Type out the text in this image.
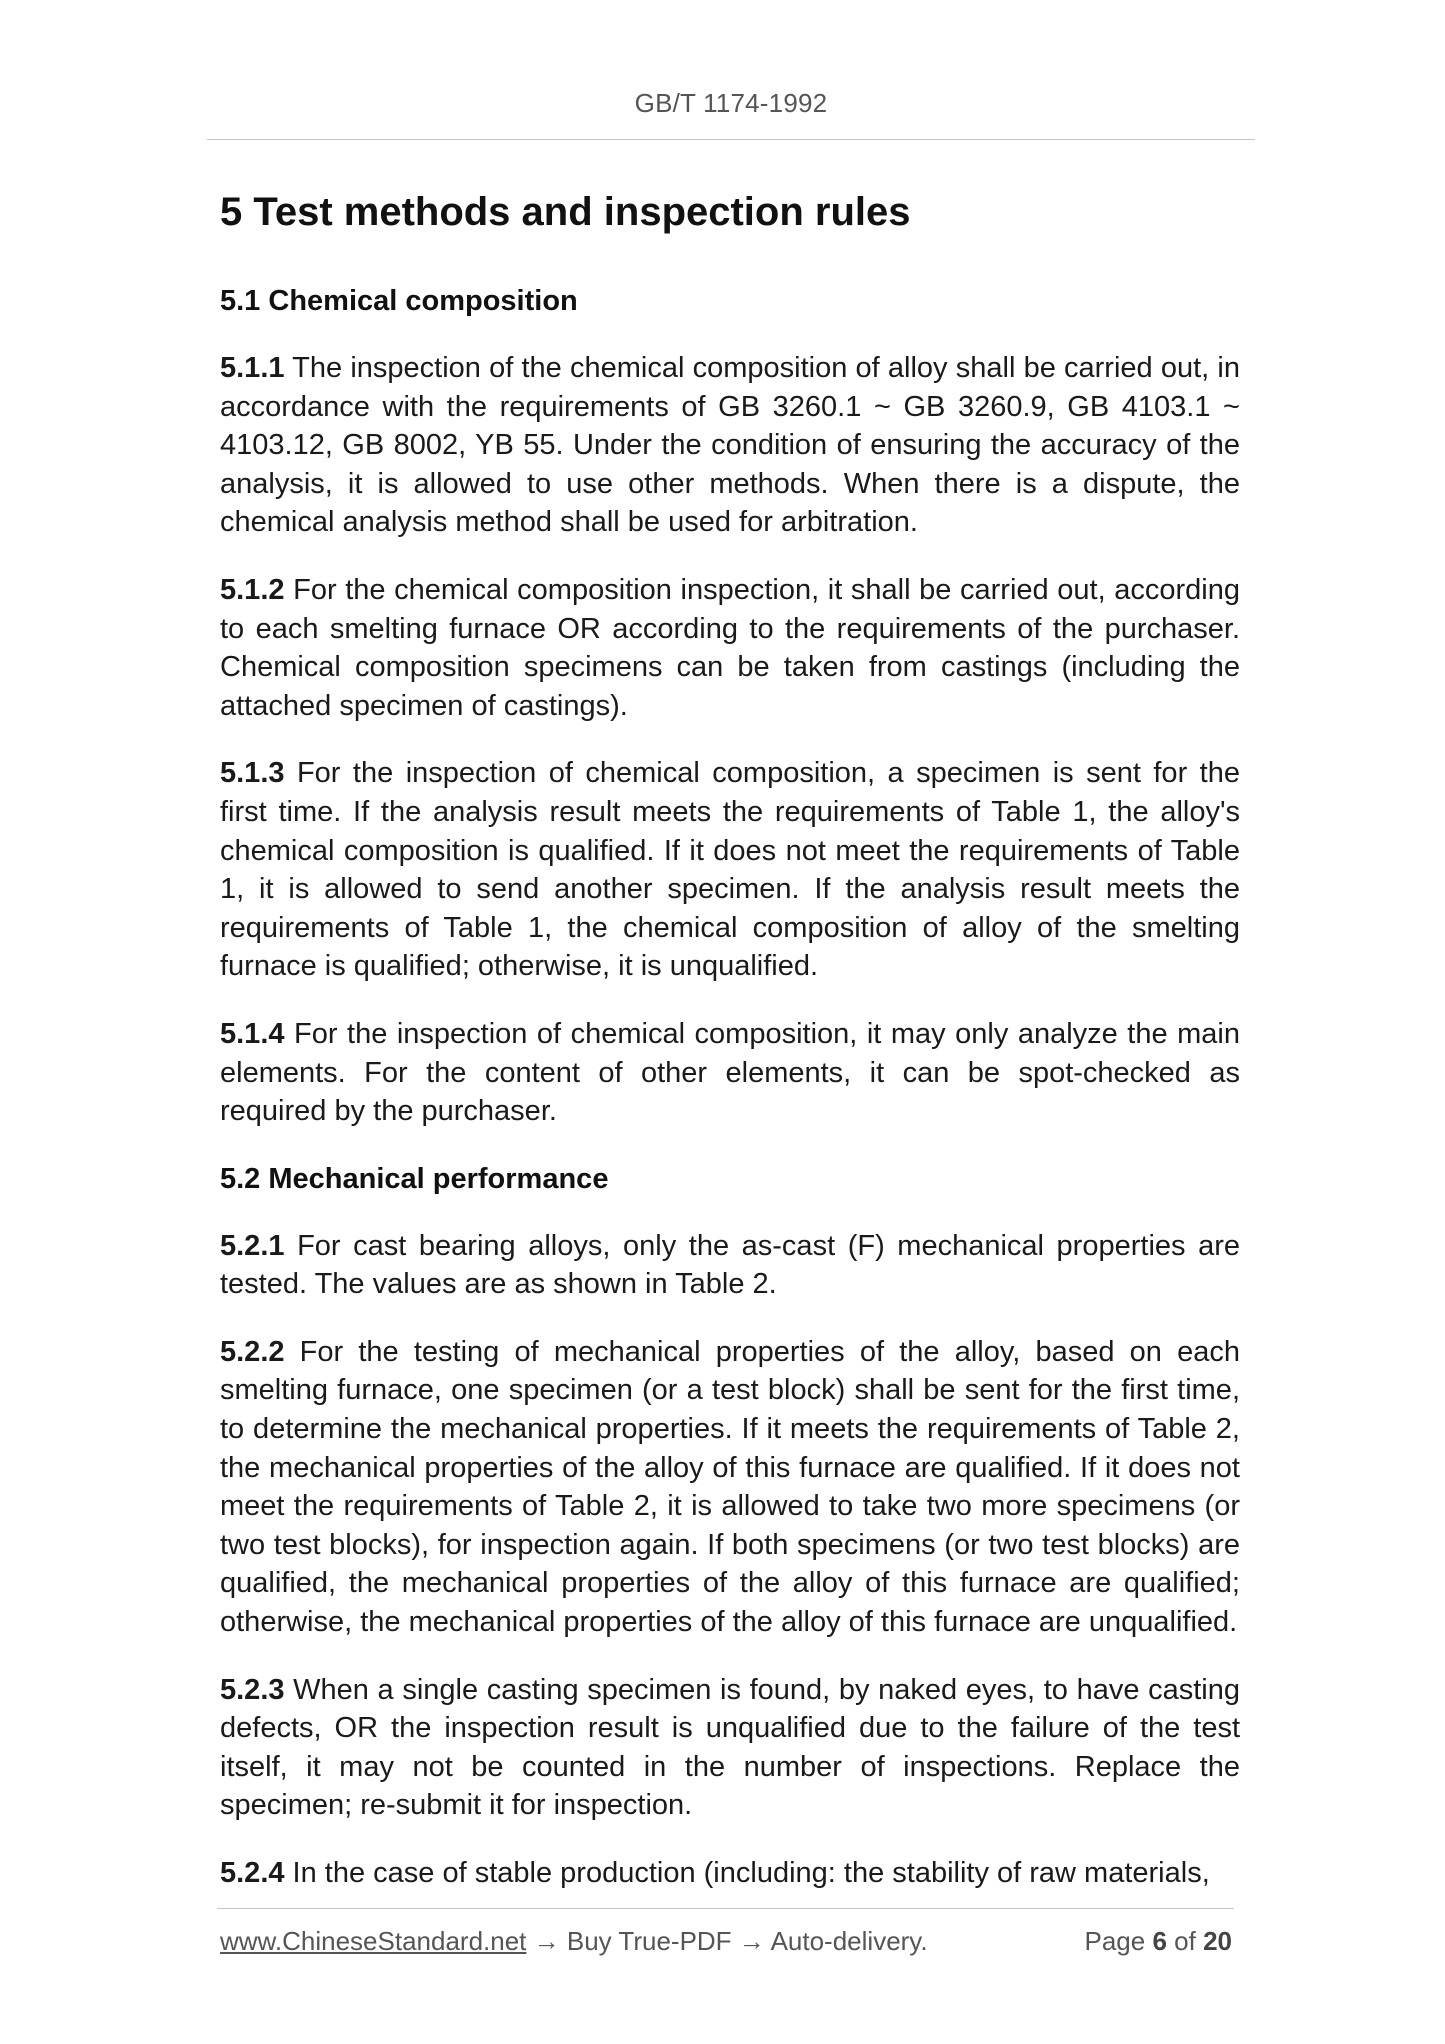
GB/T 1174-1992
5 Test methods and inspection rules
5.1 Chemical composition

5.1.1 The inspection of the chemical composition of alloy shall be carried out, in accordance with the requirements of GB 3260.1 ~ GB 3260.9, GB 4103.1 ~ 4103.12, GB 8002, YB 55. Under the condition of ensuring the accuracy of the analysis, it is allowed to use other methods. When there is a dispute, the chemical analysis method shall be used for arbitration.

5.1.2 For the chemical composition inspection, it shall be carried out, according to each smelting furnace OR according to the requirements of the purchaser. Chemical composition specimens can be taken from castings (including the attached specimen of castings).

5.1.3 For the inspection of chemical composition, a specimen is sent for the first time. If the analysis result meets the requirements of Table 1, the alloy's chemical composition is qualified. If it does not meet the requirements of Table 1, it is allowed to send another specimen. If the analysis result meets the requirements of Table 1, the chemical composition of alloy of the smelting furnace is qualified; otherwise, it is unqualified.

5.1.4 For the inspection of chemical composition, it may only analyze the main elements. For the content of other elements, it can be spot-checked as required by the purchaser.

5.2 Mechanical performance

5.2.1 For cast bearing alloys, only the as-cast (F) mechanical properties are tested. The values are as shown in Table 2.

5.2.2 For the testing of mechanical properties of the alloy, based on each smelting furnace, one specimen (or a test block) shall be sent for the first time, to determine the mechanical properties. If it meets the requirements of Table 2, the mechanical properties of the alloy of this furnace are qualified. If it does not meet the requirements of Table 2, it is allowed to take two more specimens (or two test blocks), for inspection again. If both specimens (or two test blocks) are qualified, the mechanical properties of the alloy of this furnace are qualified; otherwise, the mechanical properties of the alloy of this furnace are unqualified.

5.2.3 When a single casting specimen is found, by naked eyes, to have casting defects, OR the inspection result is unqualified due to the failure of the test itself, it may not be counted in the number of inspections. Replace the specimen; re-submit it for inspection.

5.2.4 In the case of stable production (including: the stability of raw materials,

www.ChineseStandard.net → Buy True-PDF → Auto-delivery.	Page 6 of 20
